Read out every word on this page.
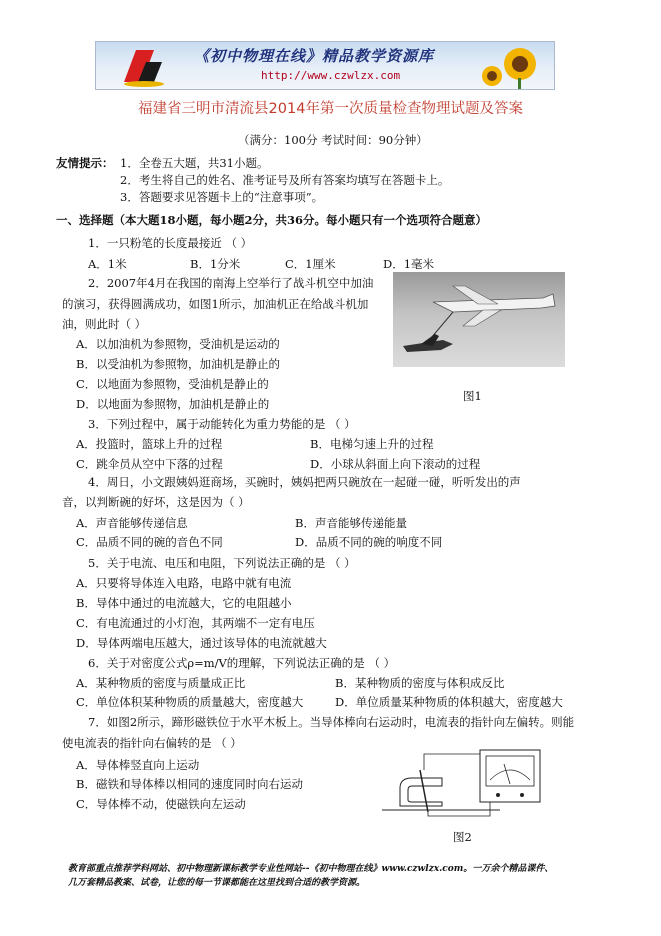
《初中物理在线》精品教学资源库
http://www.czwlzx.com
福建省三明市清流县2014年第一次质量检查物理试题及答案
（满分：100分 考试时间：90分钟）
友情提示： 1．全卷五大题，共31小题。
2．考生将自己的姓名、准考证号及所有答案均填写在答题卡上。
3．答题要求见答题卡上的“注意事项”。
一、选择题（本大题18小题，每小题2分，共36分。每小题只有一个选项符合题意）
1．一只粉笔的长度最接近 （ ）
A．1米	B．1分米	C．1厘米	D．1毫米
2．2007年4月在我国的南海上空举行了战斗机空中加油
的演习，获得圆满成功，如图1所示，加油机正在给战斗机加
油，则此时（ ）
A．以加油机为参照物，受油机是运动的
B．以受油机为参照物，加油机是静止的
C．以地面为参照物，受油机是静止的
D．以地面为参照物，加油机是静止的
图1
3．下列过程中，属于动能转化为重力势能的是 （ ）
A．投篮时，篮球上升的过程	B．电梯匀速上升的过程
C．跳伞员从空中下落的过程	D．小球从斜面上向下滚动的过程
4．周日，小文跟姨妈逛商场，买碗时，姨妈把两只碗放在一起碰一碰，听听发出的声
音，以判断碗的好坏，这是因为（ ）
A．声音能够传递信息	B．声音能够传递能量
C．品质不同的碗的音色不同	D．品质不同的碗的响度不同
5．关于电流、电压和电阻，下列说法正确的是 （ ）
A．只要将导体连入电路，电路中就有电流
B．导体中通过的电流越大，它的电阻越小
C．有电流通过的小灯泡，其两端不一定有电压
D．导体两端电压越大，通过该导体的电流就越大
6．关于对密度公式ρ=m/V的理解，下列说法正确的是 （ ）
A．某种物质的密度与质量成正比	B．某种物质的密度与体积成反比
C．单位体积某种物质的质量越大，密度越大	D．单位质量某种物质的体积越大，密度越大
7．如图2所示，蹄形磁铁位于水平木板上。当导体棒向右运动时，电流表的指针向左偏转。则能
使电流表的指针向右偏转的是 （ ）
A．导体棒竖直向上运动
B．磁铁和导体棒以相同的速度同时向右运动
C．导体棒不动，使磁铁向左运动
图2
教育部重点推荐学科网站、初中物理新课标教学专业性网站--《初中物理在线》www.czwlzx.com。一万余个精品课件、
几万套精品教案、试卷，让您的每一节课都能在这里找到合适的教学资源。
